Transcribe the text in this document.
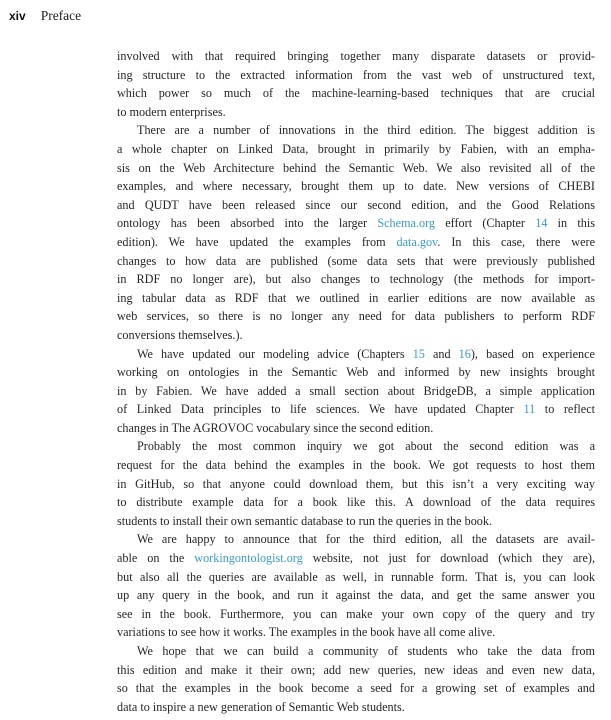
xiv Preface
involved with that required bringing together many disparate datasets or provid-
ing structure to the extracted information from the vast web of unstructured text,
which power so much of the machine-learning-based techniques that are crucial
to modern enterprises.
There are a number of innovations in the third edition. The biggest addition is
a whole chapter on Linked Data, brought in primarily by Fabien, with an empha-
sis on the Web Architecture behind the Semantic Web. We also revisited all of the
examples, and where necessary, brought them up to date. New versions of CHEBI
and QUDT have been released since our second edition, and the Good Relations
ontology has been absorbed into the larger Schema.org effort (Chapter 14 in this
edition). We have updated the examples from data.gov. In this case, there were
changes to how data are published (some data sets that were previously published
in RDF no longer are), but also changes to technology (the methods for import-
ing tabular data as RDF that we outlined in earlier editions are now available as
web services, so there is no longer any need for data publishers to perform RDF
conversions themselves.).
We have updated our modeling advice (Chapters 15 and 16), based on experience
working on ontologies in the Semantic Web and informed by new insights brought
in by Fabien. We have added a small section about BridgeDB, a simple application
of Linked Data principles to life sciences. We have updated Chapter 11 to reflect
changes in The AGROVOC vocabulary since the second edition.
Probably the most common inquiry we got about the second edition was a
request for the data behind the examples in the book. We got requests to host them
in GitHub, so that anyone could download them, but this isn’t a very exciting way
to distribute example data for a book like this. A download of the data requires
students to install their own semantic database to run the queries in the book.
We are happy to announce that for the third edition, all the datasets are avail-
able on the workingontologist.org website, not just for download (which they are),
but also all the queries are available as well, in runnable form. That is, you can look
up any query in the book, and run it against the data, and get the same answer you
see in the book. Furthermore, you can make your own copy of the query and try
variations to see how it works. The examples in the book have all come alive.
We hope that we can build a community of students who take the data from
this edition and make it their own; add new queries, new ideas and even new data,
so that the examples in the book become a seed for a growing set of examples and
data to inspire a new generation of Semantic Web students.
